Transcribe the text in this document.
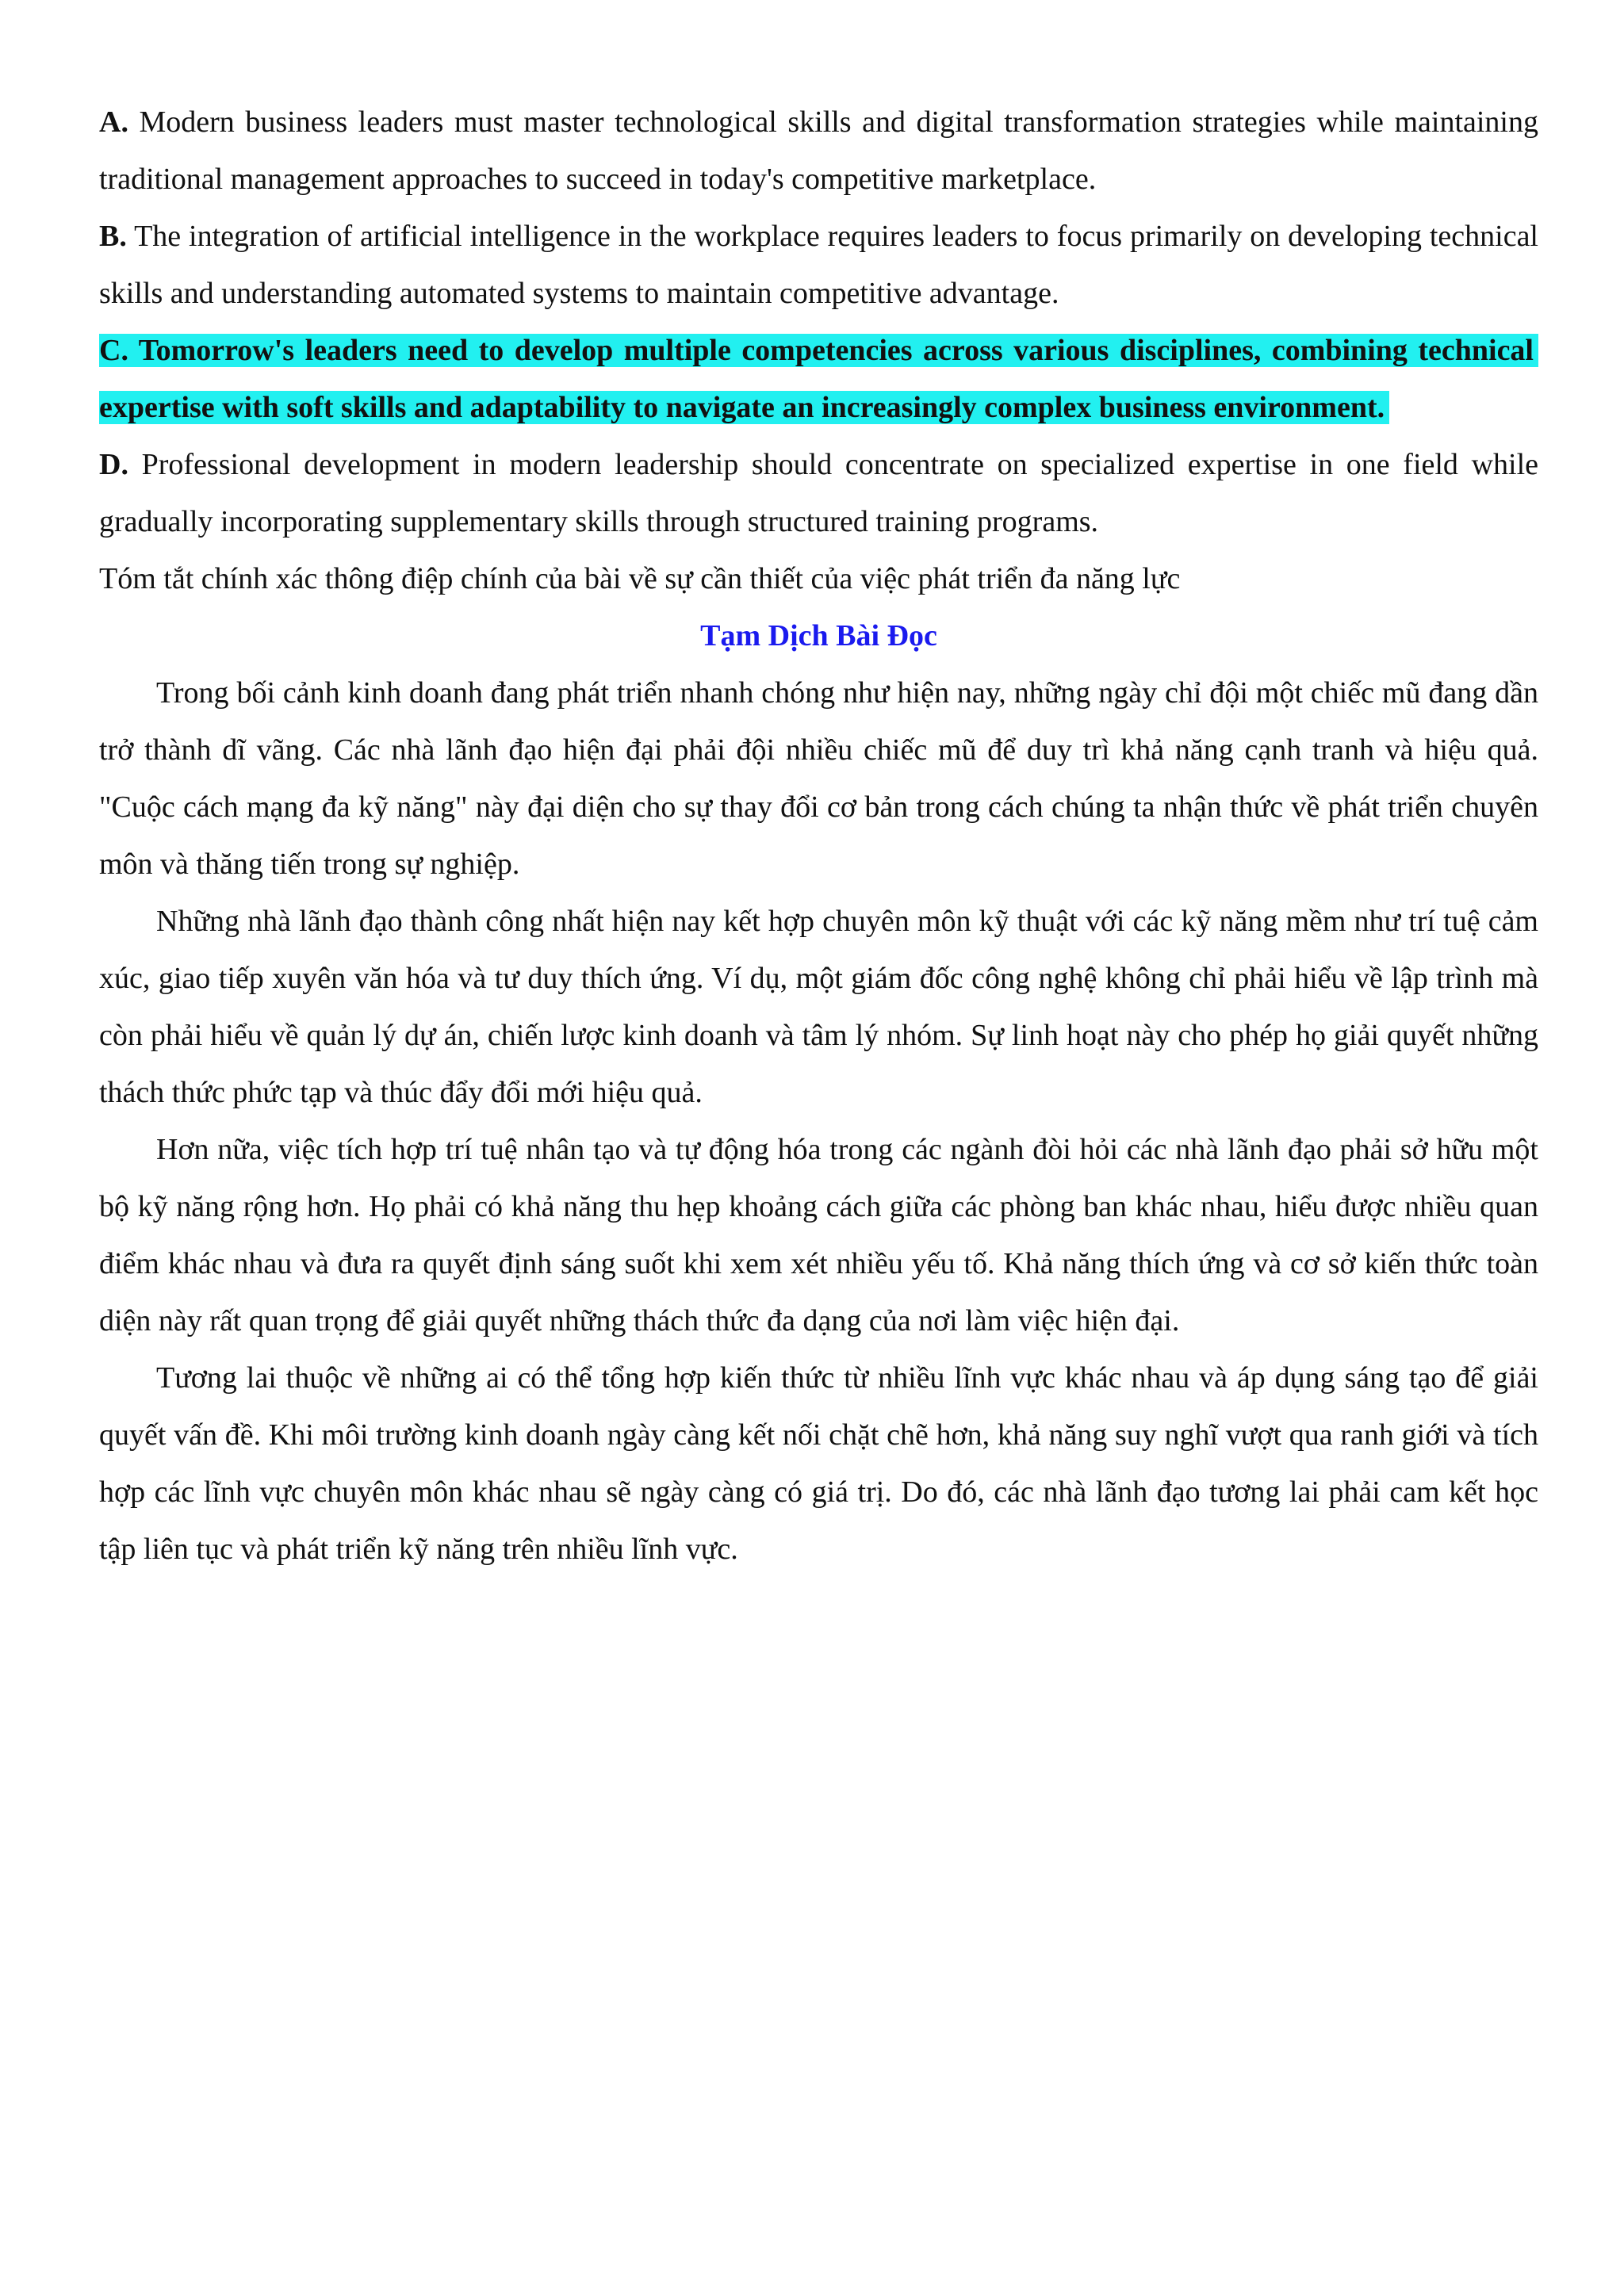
A. Modern business leaders must master technological skills and digital transformation strategies while maintaining traditional management approaches to succeed in today's competitive marketplace.

B. The integration of artificial intelligence in the workplace requires leaders to focus primarily on developing technical skills and understanding automated systems to maintain competitive advantage.

C. Tomorrow's leaders need to develop multiple competencies across various disciplines, combining technical expertise with soft skills and adaptability to navigate an increasingly complex business environment.

D. Professional development in modern leadership should concentrate on specialized expertise in one field while gradually incorporating supplementary skills through structured training programs.

Tóm tắt chính xác thông điệp chính của bài về sự cần thiết của việc phát triển đa năng lực

Tạm Dịch Bài Đọc

Trong bối cảnh kinh doanh đang phát triển nhanh chóng như hiện nay, những ngày chỉ đội một chiếc mũ đang dần trở thành dĩ vãng. Các nhà lãnh đạo hiện đại phải đội nhiều chiếc mũ để duy trì khả năng cạnh tranh và hiệu quả. "Cuộc cách mạng đa kỹ năng" này đại diện cho sự thay đổi cơ bản trong cách chúng ta nhận thức về phát triển chuyên môn và thăng tiến trong sự nghiệp.

Những nhà lãnh đạo thành công nhất hiện nay kết hợp chuyên môn kỹ thuật với các kỹ năng mềm như trí tuệ cảm xúc, giao tiếp xuyên văn hóa và tư duy thích ứng. Ví dụ, một giám đốc công nghệ không chỉ phải hiểu về lập trình mà còn phải hiểu về quản lý dự án, chiến lược kinh doanh và tâm lý nhóm. Sự linh hoạt này cho phép họ giải quyết những thách thức phức tạp và thúc đẩy đổi mới hiệu quả.

Hơn nữa, việc tích hợp trí tuệ nhân tạo và tự động hóa trong các ngành đòi hỏi các nhà lãnh đạo phải sở hữu một bộ kỹ năng rộng hơn. Họ phải có khả năng thu hẹp khoảng cách giữa các phòng ban khác nhau, hiểu được nhiều quan điểm khác nhau và đưa ra quyết định sáng suốt khi xem xét nhiều yếu tố. Khả năng thích ứng và cơ sở kiến thức toàn diện này rất quan trọng để giải quyết những thách thức đa dạng của nơi làm việc hiện đại.

Tương lai thuộc về những ai có thể tổng hợp kiến thức từ nhiều lĩnh vực khác nhau và áp dụng sáng tạo để giải quyết vấn đề. Khi môi trường kinh doanh ngày càng kết nối chặt chẽ hơn, khả năng suy nghĩ vượt qua ranh giới và tích hợp các lĩnh vực chuyên môn khác nhau sẽ ngày càng có giá trị. Do đó, các nhà lãnh đạo tương lai phải cam kết học tập liên tục và phát triển kỹ năng trên nhiều lĩnh vực.
